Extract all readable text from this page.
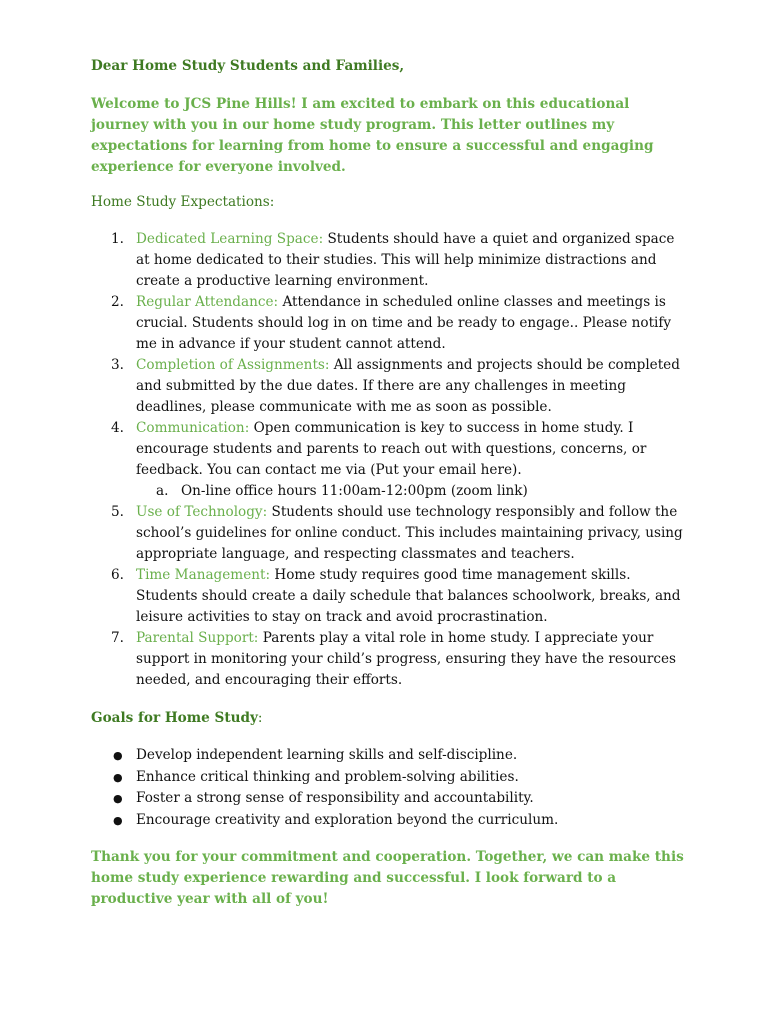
Dear Home Study Students and Families,

Welcome to JCS Pine Hills! I am excited to embark on this educational journey with you in our home study program. This letter outlines my expectations for learning from home to ensure a successful and engaging experience for everyone involved.

Home Study Expectations:

1. Dedicated Learning Space: Students should have a quiet and organized space at home dedicated to their studies. This will help minimize distractions and create a productive learning environment.
2. Regular Attendance: Attendance in scheduled online classes and meetings is crucial. Students should log in on time and be ready to engage.. Please notify me in advance if your student cannot attend.
3. Completion of Assignments: All assignments and projects should be completed and submitted by the due dates. If there are any challenges in meeting deadlines, please communicate with me as soon as possible.
4. Communication: Open communication is key to success in home study. I encourage students and parents to reach out with questions, concerns, or feedback. You can contact me via (Put your email here).
a. On-line office hours 11:00am-12:00pm (zoom link)
5. Use of Technology: Students should use technology responsibly and follow the school’s guidelines for online conduct. This includes maintaining privacy, using appropriate language, and respecting classmates and teachers.
6. Time Management: Home study requires good time management skills. Students should create a daily schedule that balances schoolwork, breaks, and leisure activities to stay on track and avoid procrastination.
7. Parental Support: Parents play a vital role in home study. I appreciate your support in monitoring your child’s progress, ensuring they have the resources needed, and encouraging their efforts.

Goals for Home Study:

● Develop independent learning skills and self-discipline.
● Enhance critical thinking and problem-solving abilities.
● Foster a strong sense of responsibility and accountability.
● Encourage creativity and exploration beyond the curriculum.

Thank you for your commitment and cooperation. Together, we can make this home study experience rewarding and successful. I look forward to a productive year with all of you!
